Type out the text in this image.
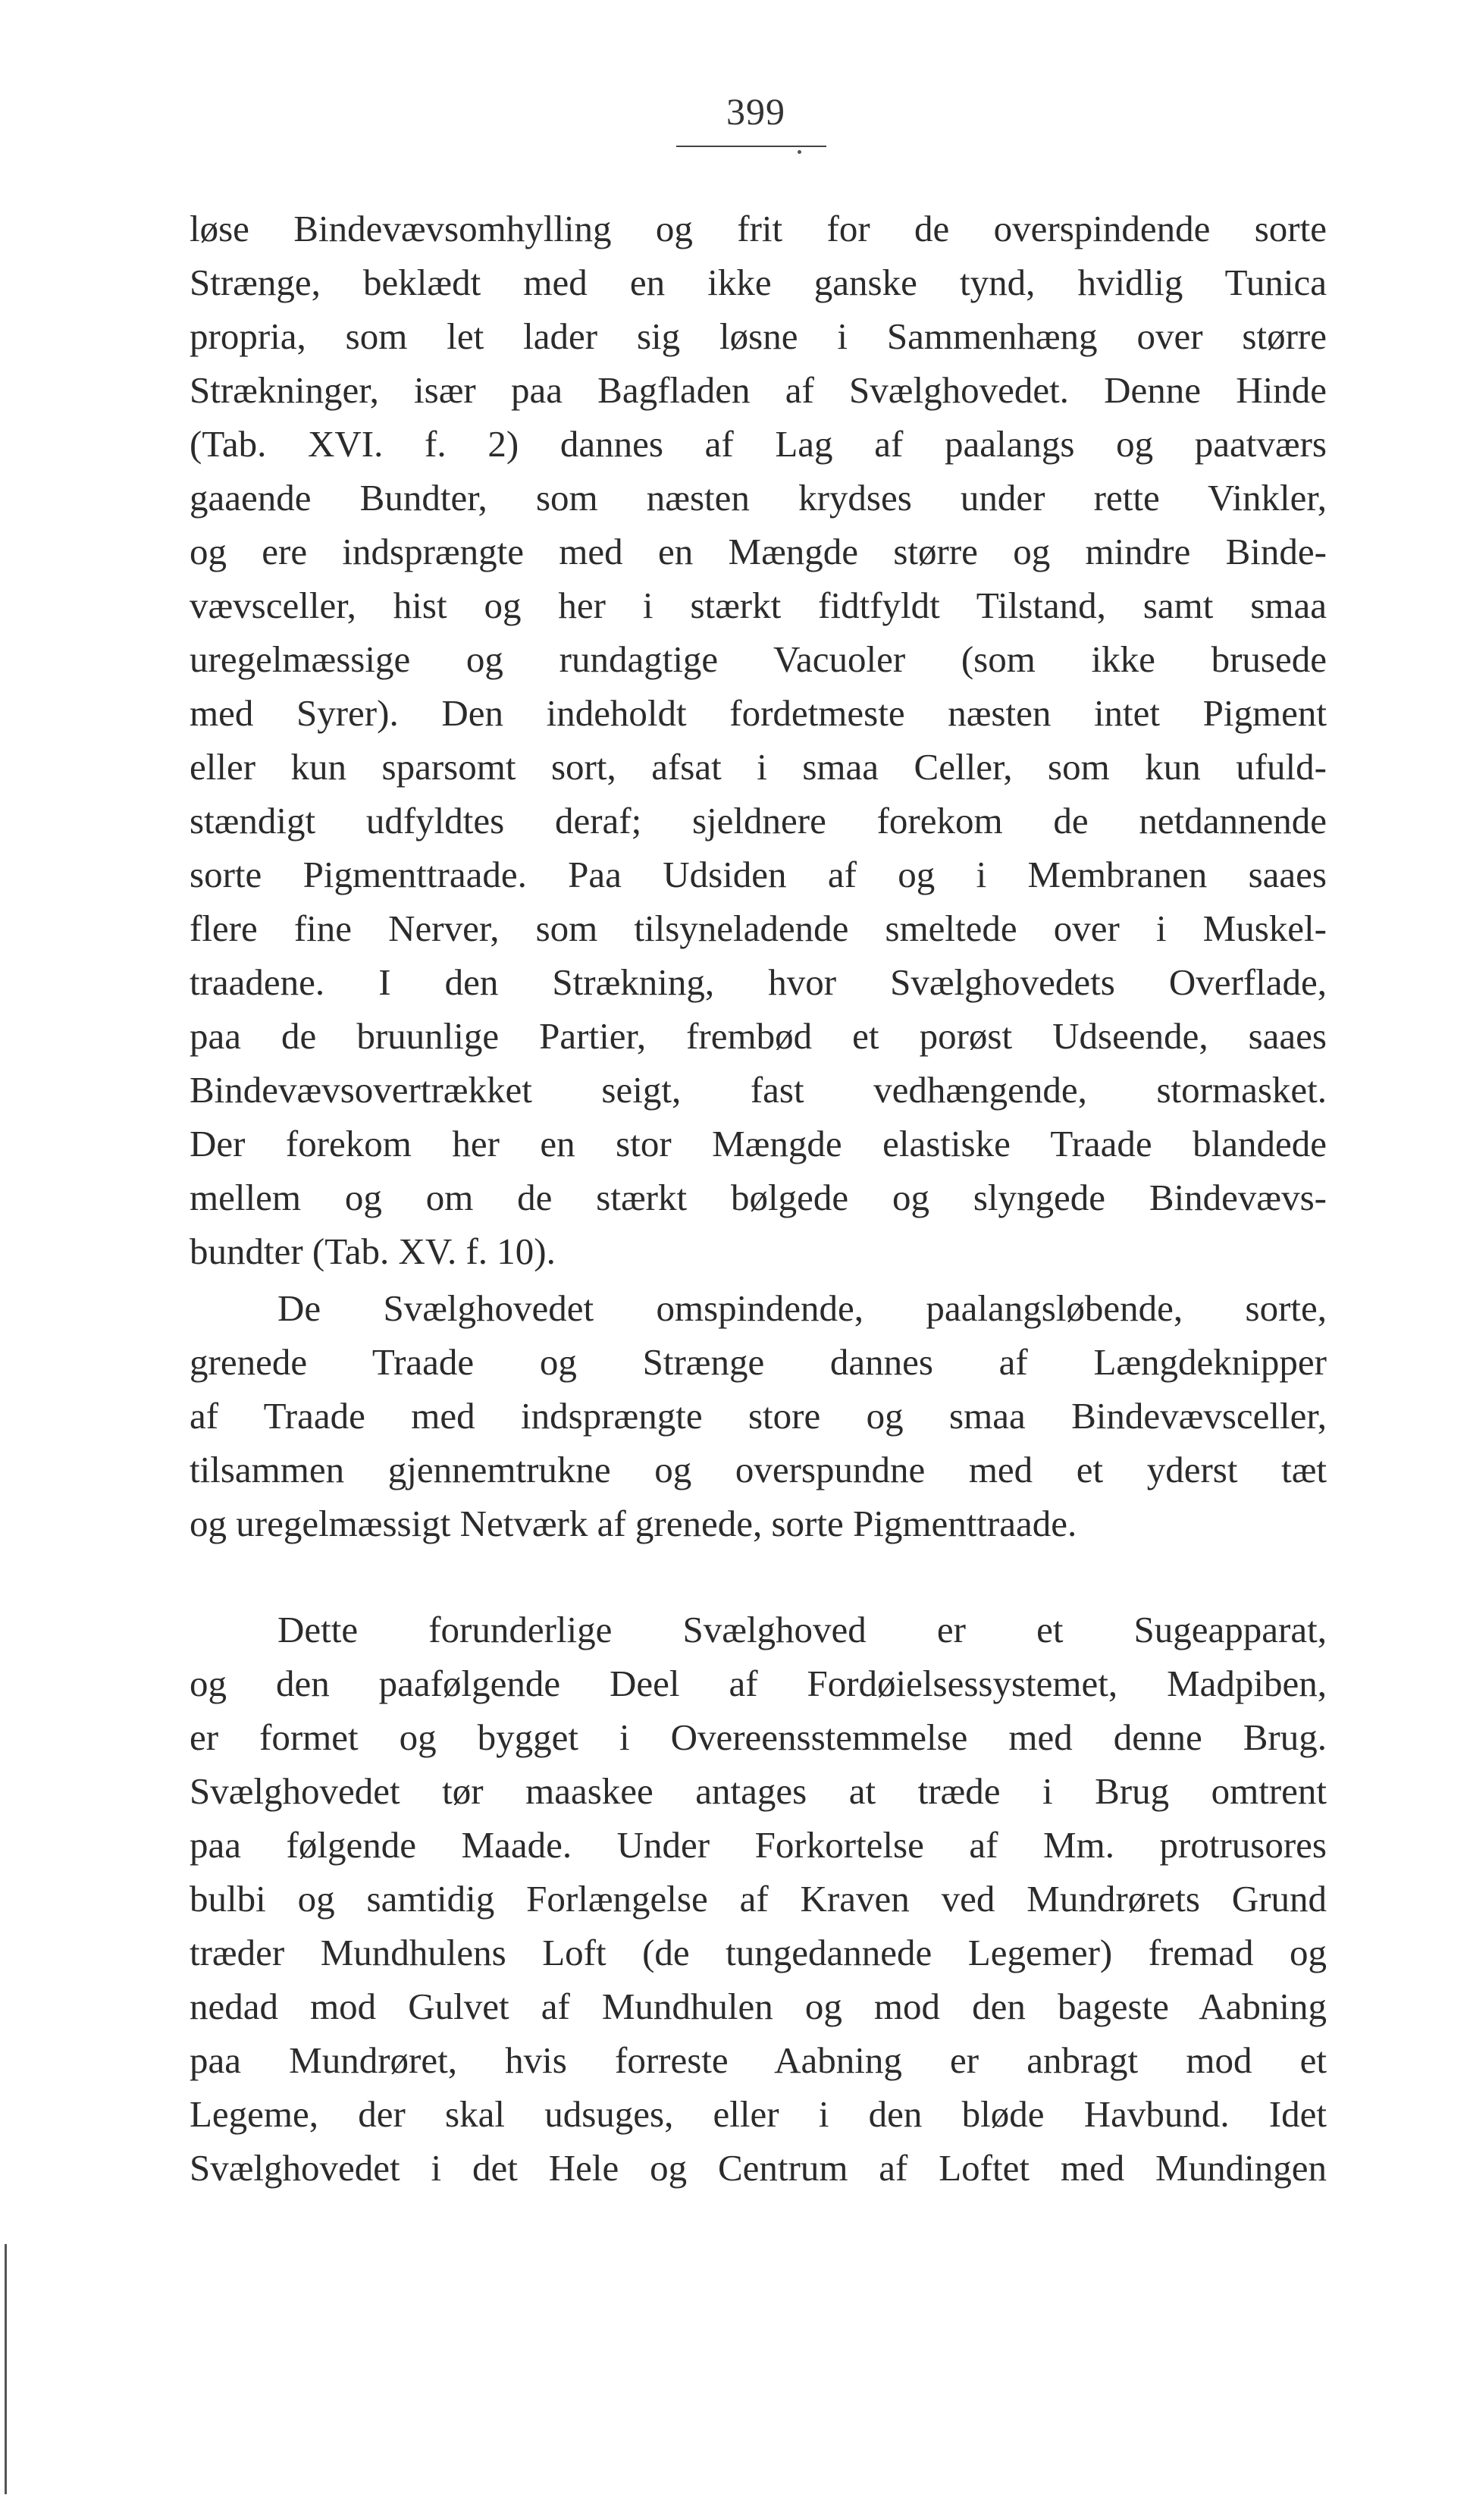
399
løse Bindevævsomhylling og frit for de overspindende sorte
Strænge, beklædt med en ikke ganske tynd, hvidlig Tunica
propria, som let lader sig løsne i Sammenhæng over større
Strækninger, især paa Bagfladen af Svælghovedet. Denne Hinde
(Tab. XVI. f. 2) dannes af Lag af paalangs og paatværs
gaaende Bundter, som næsten krydses under rette Vinkler,
og ere indsprængte med en Mængde større og mindre Binde-
vævsceller, hist og her i stærkt fidtfyldt Tilstand, samt smaa
uregelmæssige og rundagtige Vacuoler (som ikke brusede
med Syrer). Den indeholdt fordetmeste næsten intet Pigment
eller kun sparsomt sort, afsat i smaa Celler, som kun ufuld-
stændigt udfyldtes deraf; sjeldnere forekom de netdannende
sorte Pigmenttraade. Paa Udsiden af og i Membranen saaes
flere fine Nerver, som tilsyneladende smeltede over i Muskel-
traadene. I den Strækning, hvor Svælghovedets Overflade,
paa de bruunlige Partier, frembød et porøst Udseende, saaes
Bindevævsovertrækket seigt, fast vedhængende, stormasket.
Der forekom her en stor Mængde elastiske Traade blandede
mellem og om de stærkt bølgede og slyngede Bindevævs-
bundter (Tab. XV. f. 10).
De Svælghovedet omspindende, paalangsløbende, sorte,
grenede Traade og Strænge dannes af Længdeknipper
af Traade med indsprængte store og smaa Bindevævsceller,
tilsammen gjennemtrukne og overspundne med et yderst tæt
og uregelmæssigt Netværk af grenede, sorte Pigmenttraade.
Dette forunderlige Svælghoved er et Sugeapparat,
og den paafølgende Deel af Fordøielsessystemet, Madpiben,
er formet og bygget i Overeensstemmelse med denne Brug.
Svælghovedet tør maaskee antages at træde i Brug omtrent
paa følgende Maade. Under Forkortelse af Mm. protrusores
bulbi og samtidig Forlængelse af Kraven ved Mundrørets Grund
træder Mundhulens Loft (de tungedannede Legemer) fremad og
nedad mod Gulvet af Mundhulen og mod den bageste Aabning
paa Mundrøret, hvis forreste Aabning er anbragt mod et
Legeme, der skal udsuges, eller i den bløde Havbund. Idet
Svælghovedet i det Hele og Centrum af Loftet med Mundingen
